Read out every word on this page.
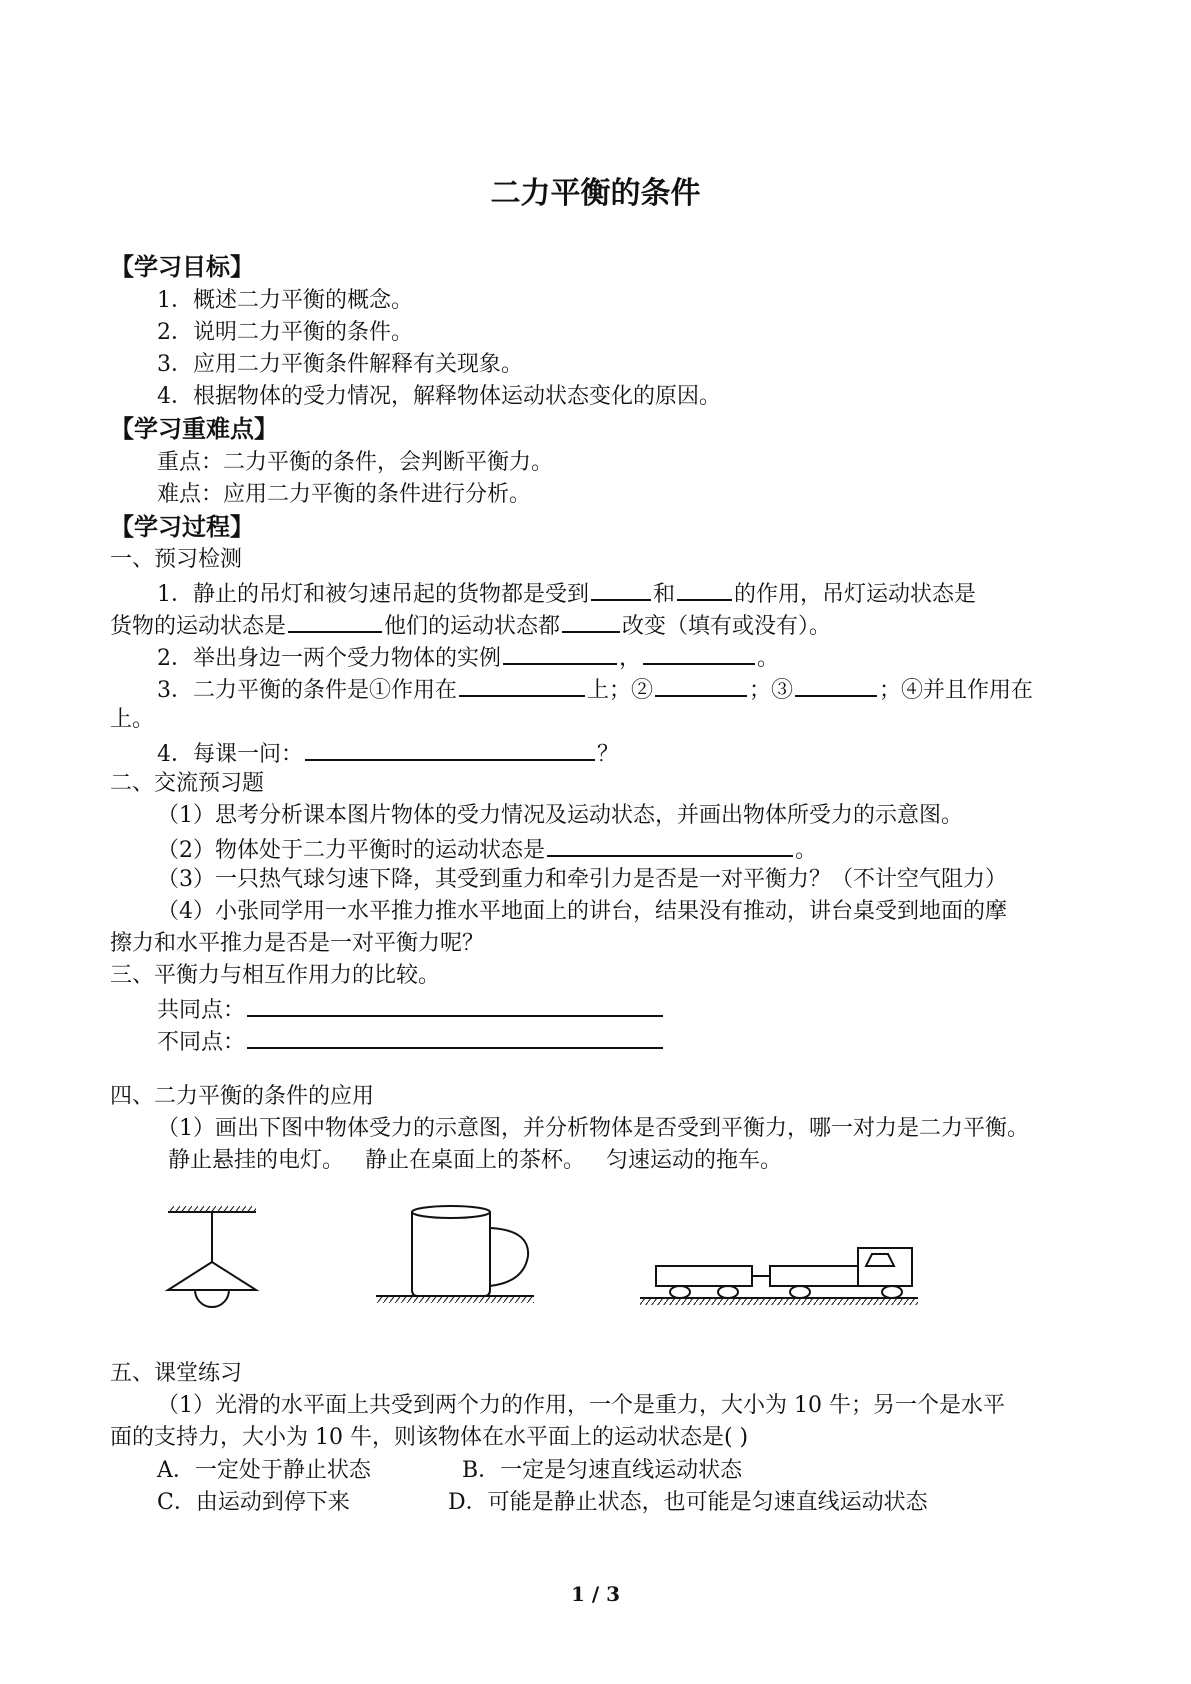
二力平衡的条件
【学习目标】
1．概述二力平衡的概念。
2．说明二力平衡的条件。
3．应用二力平衡条件解释有关现象。
4．根据物体的受力情况，解释物体运动状态变化的原因。
【学习重难点】
重点：二力平衡的条件，会判断平衡力。
难点：应用二力平衡的条件进行分析。
【学习过程】
一、预习检测
1．静止的吊灯和被匀速吊起的货物都是受到	和	的作用，吊灯运动状态是
货物的运动状态是	他们的运动状态都	改变（填有或没有）。
2．举出身边一两个受力物体的实例	，	。
3．二力平衡的条件是①作用在	上；②	；③	；④并且作用在
上。
4．每课一问：	？
二、交流预习题
（1）思考分析课本图片物体的受力情况及运动状态，并画出物体所受力的示意图。
（2）物体处于二力平衡时的运动状态是	。
（3）一只热气球匀速下降，其受到重力和牵引力是否是一对平衡力？（不计空气阻力）
（4）小张同学用一水平推力推水平地面上的讲台，结果没有推动，讲台桌受到地面的摩
擦力和水平推力是否是一对平衡力呢？
三、平衡力与相互作用力的比较。
共同点：
不同点：
四、二力平衡的条件的应用
（1）画出下图中物体受力的示意图，并分析物体是否受到平衡力，哪一对力是二力平衡。
静止悬挂的电灯。   静止在桌面上的茶杯。   匀速运动的拖车。
五、课堂练习
（1）光滑的水平面上共受到两个力的作用，一个是重力，大小为 10 牛；另一个是水平
面的支持力，大小为 10 牛，则该物体在水平面上的运动状态是( )
A．一定处于静止状态	B．一定是匀速直线运动状态
C．由运动到停下来	D．可能是静止状态，也可能是匀速直线运动状态
1 / 3
